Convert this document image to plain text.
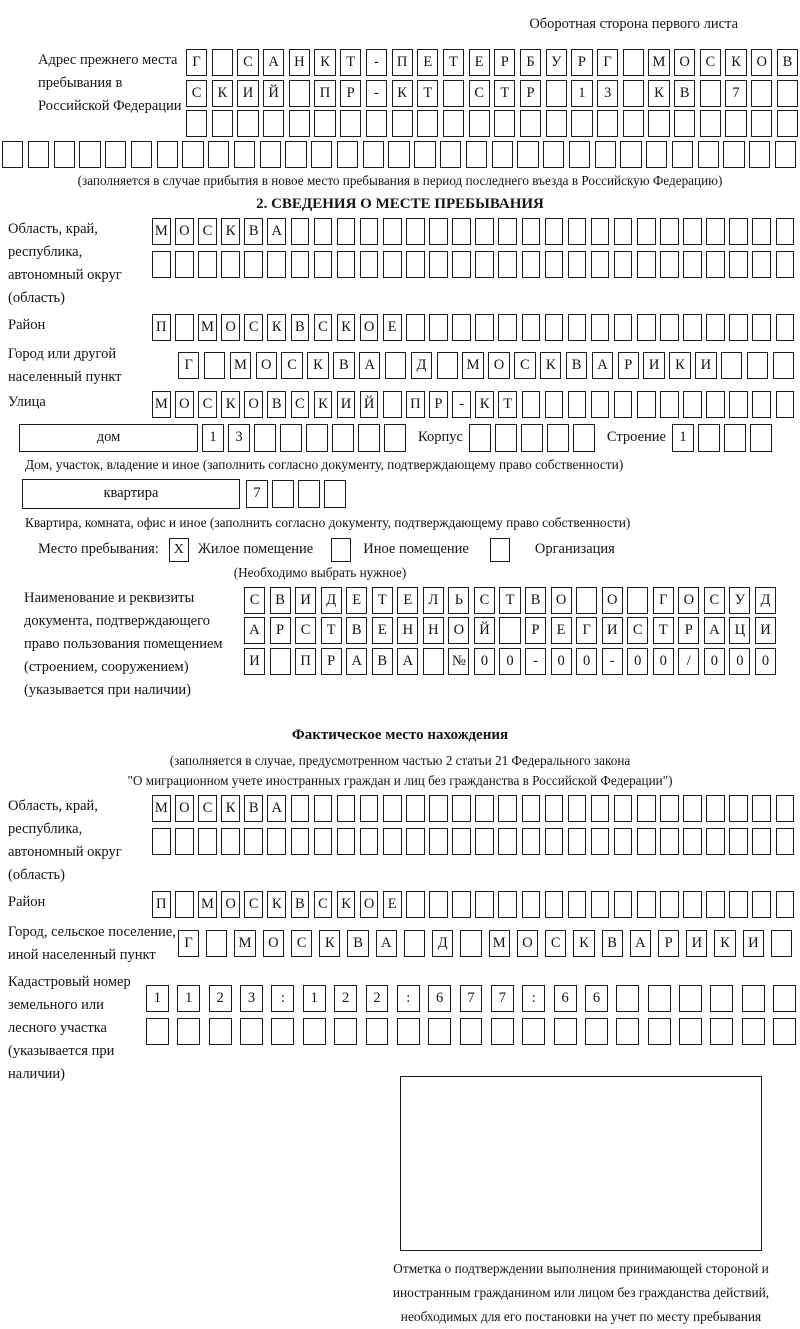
Оборотная сторона первого листа
Адрес прежнего места пребывания в Российской Федерации
Г	С	А	Н	К	Т	-	П	Е	Т	Е	Р	Б	У	Р	Г	М О	С	К	О	В
С	К	И	Й	П	Р	-	К	Т	С	Т	Р	1	3	К	В	7
(заполняется в случае прибытия в новое место пребывания в период последнего въезда в Российскую Федерацию)
2. СВЕДЕНИЯ О МЕСТЕ ПРЕБЫВАНИЯ
Область, край, республика, автономный округ (область)
М О С К В А
Район	П М О С К В С К О Е
Город или другой населенный пункт
Г	М О	С	К	В	А	Д	М О	С	К	В	А	Р	И	К	И
Улица	М О С К О В С К И Й П Р	-	К Т
дом	1	3	Корпус	Строение 1
Дом, участок, владение и иное (заполнить согласно документу, подтверждающему право собственности)
квартира	7
Квартира, комната, офис и иное (заполнить согласно документу, подтверждающему право собственности)
Место пребывания:	X Жилое помещение	Иное помещение	Организация
(Необходимо выбрать нужное)
Наименование и реквизиты документа, подтверждающего право пользования помещением (строением, сооружением) (указывается при наличии)
С	В	И	Д	Е	Т	Е	Л	Ь	С	Т	В	О	О	Г	О	С	У	Д
А	Р	С	Т	В	Е	Н	Н	О	Й	Р	Е	Г	И	С	Т	Р	А	Ц	И
И	П	Р	А	В	А	№	0	0	-	0	0	-	0	0	/	0	0	0
Фактическое место нахождения
(заполняется в случае, предусмотренном частью 2 статьи 21 Федерального закона
"О миграционном учете иностранных граждан и лиц без гражданства в Российской Федерации")
Область, край, республика, автономный округ (область)
М О С К В А
Район	П М О С К В С К О Е
Город, сельское поселение, иной населенный пункт
Г	М	О	С	К	В	А	Д	М	О	С	К	В	А	Р	И	К	И
Кадастровый номер земельного или лесного участка (указывается при наличии)
1	1	2	3	:	1	2	2	:	6	7	7	:	6	6
Отметка о подтверждении выполнения принимающей стороной и иностранным гражданином или лицом без гражданства действий, необходимых для его постановки на учет по месту пребывания
